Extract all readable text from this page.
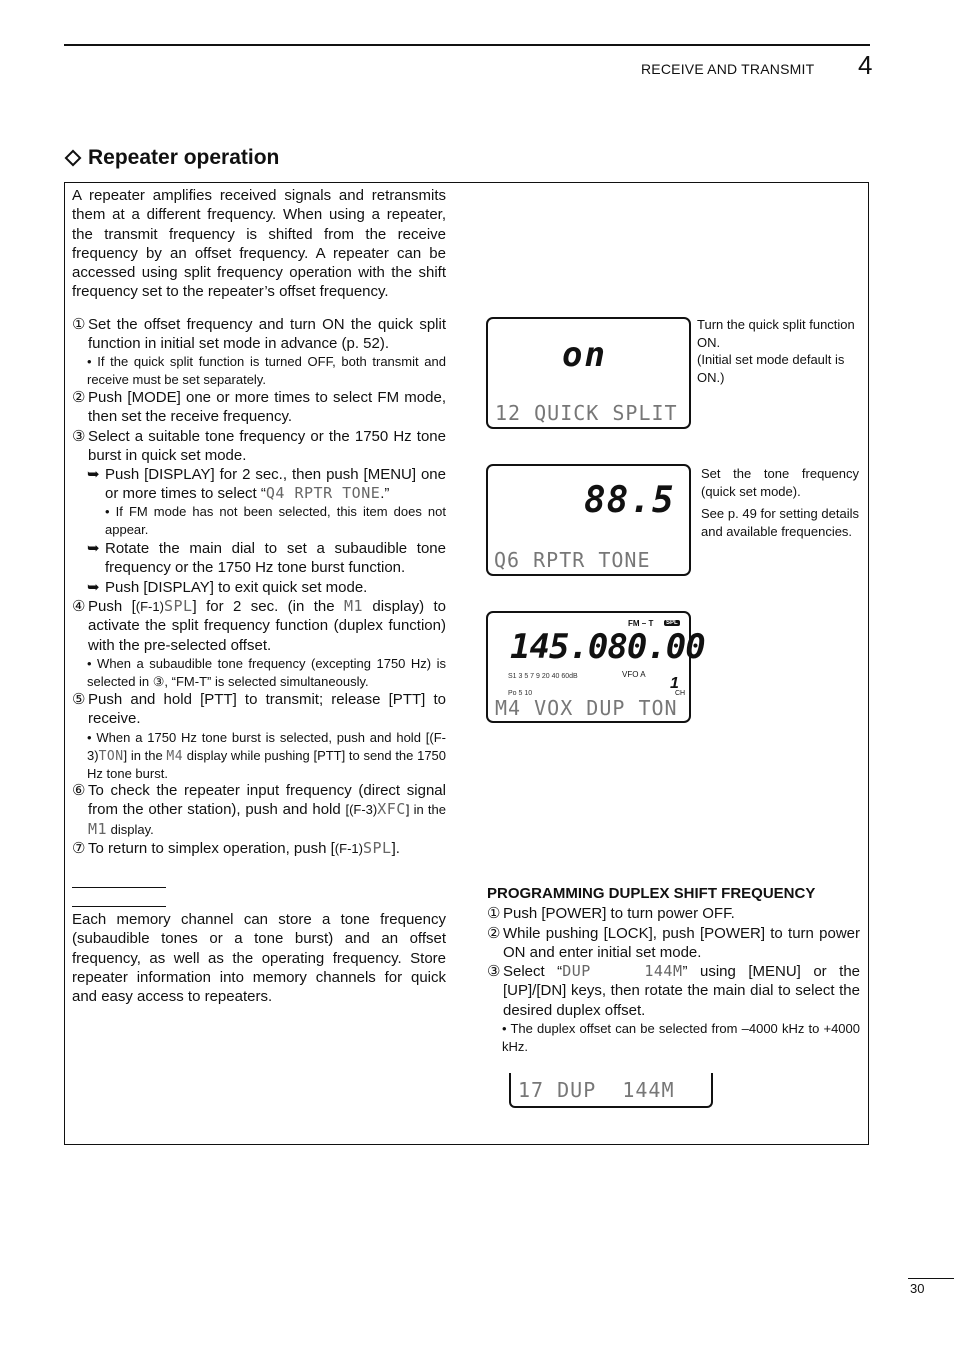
RECEIVE AND TRANSMIT 4
Repeater operation
A repeater amplifies received signals and retransmits them at a different frequency. When using a repeater, the transmit frequency is shifted from the receive frequency by an offset frequency. A repeater can be accessed using split frequency operation with the shift frequency set to the repeater’s offset frequency.
① Set the offset frequency and turn ON the quick split function in initial set mode in advance (p. 52).
• If the quick split function is turned OFF, both transmit and receive must be set separately.
② Push [MODE] one or more times to select FM mode, then set the receive frequency.
③ Select a suitable tone frequency or the 1750 Hz tone burst in quick set mode.
➥ Push [DISPLAY] for 2 sec., then push [MENU] one or more times to select “Q4 RPTR TONE.”
• If FM mode has not been selected, this item does not appear.
➥ Rotate the main dial to set a subaudible tone frequency or the 1750 Hz tone burst function.
➥ Push [DISPLAY] to exit quick set mode.
④ Push [(F-1)SPL] for 2 sec. (in the M1 display) to activate the split frequency function (duplex function) with the pre-selected offset.
• When a subaudible tone frequency (excepting 1750 Hz) is selected in ③, “FM-T” is selected simultaneously.
⑤ Push and hold [PTT] to transmit; release [PTT] to receive.
• When a 1750 Hz tone burst is selected, push and hold [(F-3)TON] in the M4 display while pushing [PTT] to send the 1750 Hz tone burst.
⑥ To check the repeater input frequency (direct signal from the other station), push and hold [(F-3)XFC] in the M1 display.
⑦ To return to simplex operation, push [(F-1)SPL].
Each memory channel can store a tone frequency (subaudible tones or a tone burst) and an offset frequency, as well as the operating frequency. Store repeater information into memory channels for quick and easy access to repeaters.
on
12 QUICK SPLIT
Turn the quick split function ON.
(Initial set mode default is ON.)
88.5
Q6 RPTR TONE
Set the tone frequency (quick set mode).
See p. 49 for setting details and available frequencies.
FM – T	SPL
145.080.00
S1 3 5 7 9 20 40 60dB	VFO A
Po 5 10
1
CH
M4 VOX DUP TON
PROGRAMMING DUPLEX SHIFT FREQUENCY
① Push [POWER] to turn power OFF.
② While pushing [LOCK], push [POWER] to turn power ON and enter initial set mode.
③ Select “DUP   144M” using [MENU] or the [UP]/[DN] keys, then rotate the main dial to select the desired duplex offset.
• The duplex offset can be selected from –4000 kHz to +4000 kHz.
17 DUP  144M
30
